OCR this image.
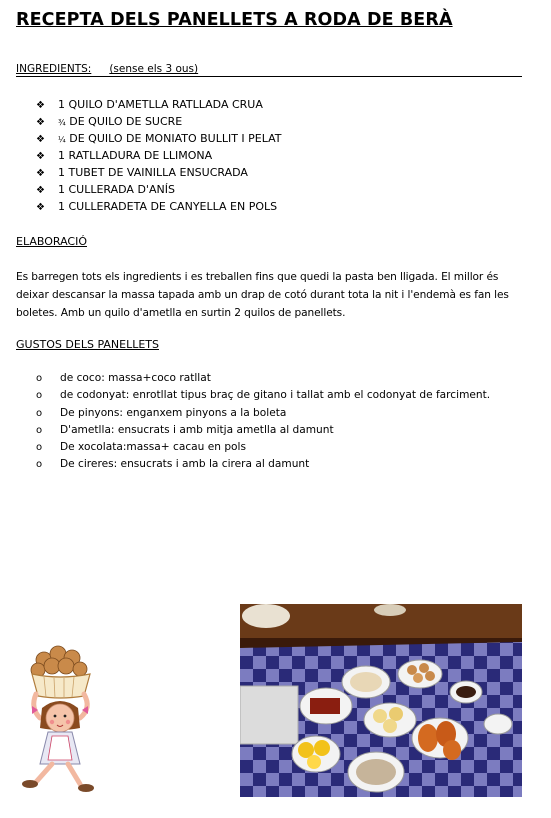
RECEPTA DELS PANELLETS A RODA DE BERÀ
INGREDIENTS: (sense els 3 ous)
❖ 1 QUILO D'AMETLLA RATLLADA CRUA
❖ ¾ DE QUILO DE SUCRE
❖ ¼ DE QUILO DE MONIATO BULLIT I PELAT
❖ 1 RATLLADURA DE LLIMONA
❖ 1 TUBET DE VAINILLA ENSUCRADA
❖ 1 CULLERADA D'ANÍS
❖ 1 CULLERADETA DE CANYELLA EN POLS
ELABORACIÓ
Es barregen tots els ingredients i es treballen fins que quedi la pasta ben lligada. El millor és deixar descansar la massa tapada amb un drap de cotó durant tota la nit i l'endemà es fan les boletes. Amb un quilo d'ametlla en surtin 2 quilos de panellets.
GUSTOS DELS PANELLETS
o de coco: massa+coco ratllat
o de codonyat: enrotllat tipus braç de gitano i tallat amb el codonyat de farciment.
o De pinyons: enganxem pinyons a la boleta
o D'ametlla: ensucrats i amb mitja ametlla al damunt
o De xocolata:massa+ cacau en pols
o De cireres: ensucrats i amb la cirera al damunt
